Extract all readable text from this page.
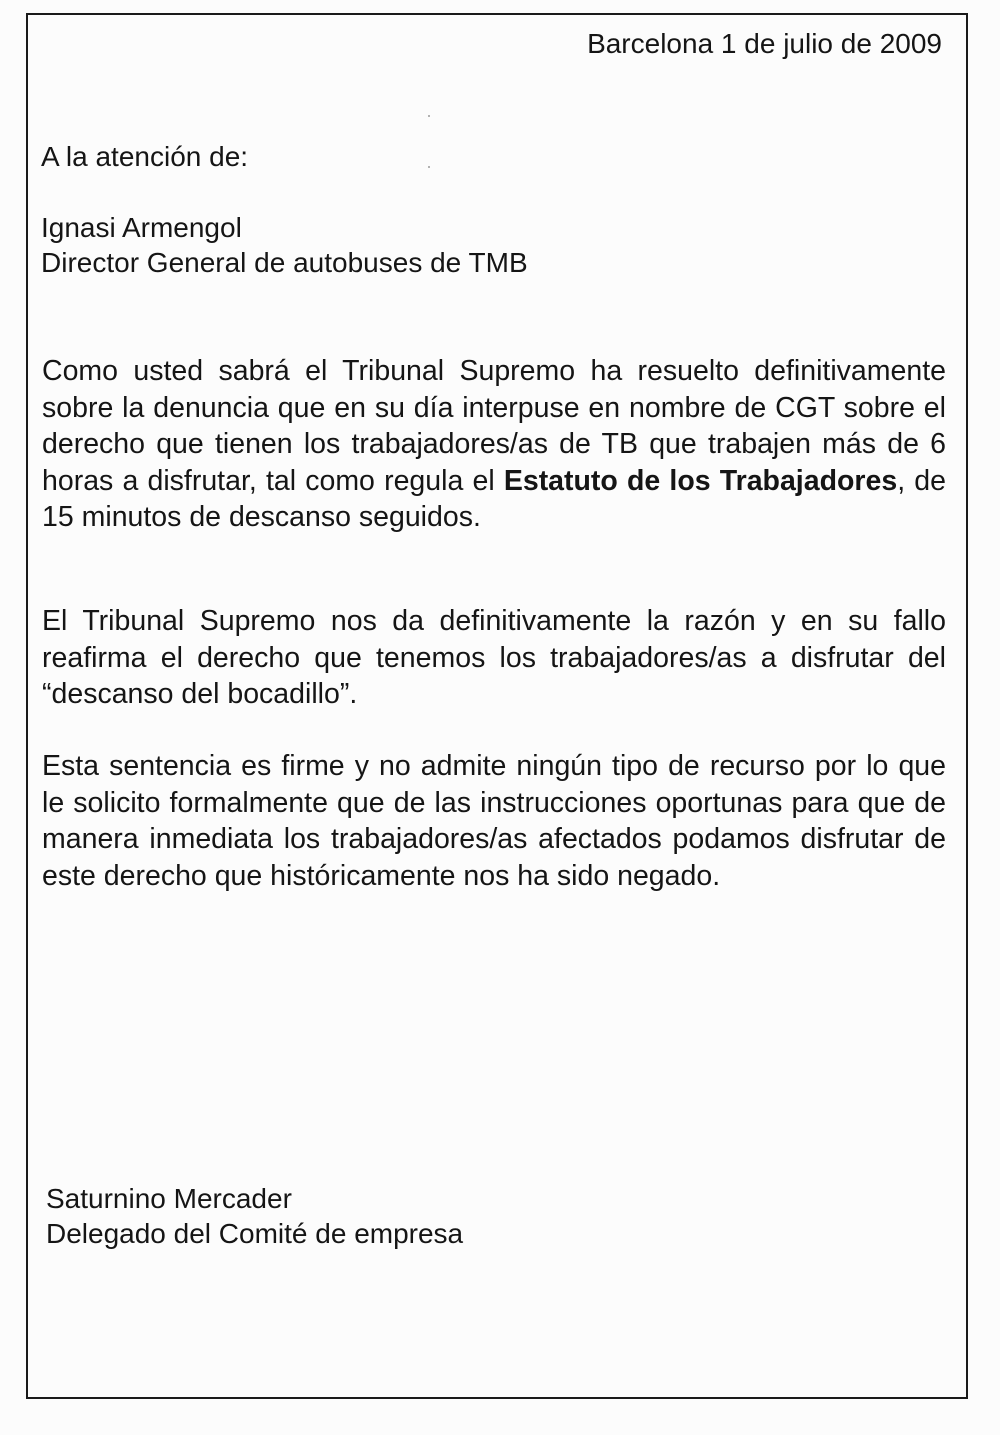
Barcelona 1 de julio de 2009
A la atención de:
Ignasi Armengol
Director General de autobuses de TMB
Como usted sabrá el Tribunal Supremo ha resuelto definitivamente sobre la denuncia que en su día interpuse en nombre de CGT sobre el derecho que tienen los trabajadores/as de TB que trabajen más de 6 horas a disfrutar, tal como regula el Estatuto de los Trabajadores, de 15 minutos de descanso seguidos.
El Tribunal Supremo nos da definitivamente la razón y en su fallo reafirma el derecho que tenemos los trabajadores/as a disfrutar del “descanso del bocadillo”.
Esta sentencia es firme y no admite ningún tipo de recurso por lo que le solicito formalmente que de las instrucciones oportunas para que de manera inmediata los trabajadores/as afectados podamos disfrutar de este derecho que históricamente nos ha sido negado.
Saturnino Mercader
Delegado del Comité de empresa
